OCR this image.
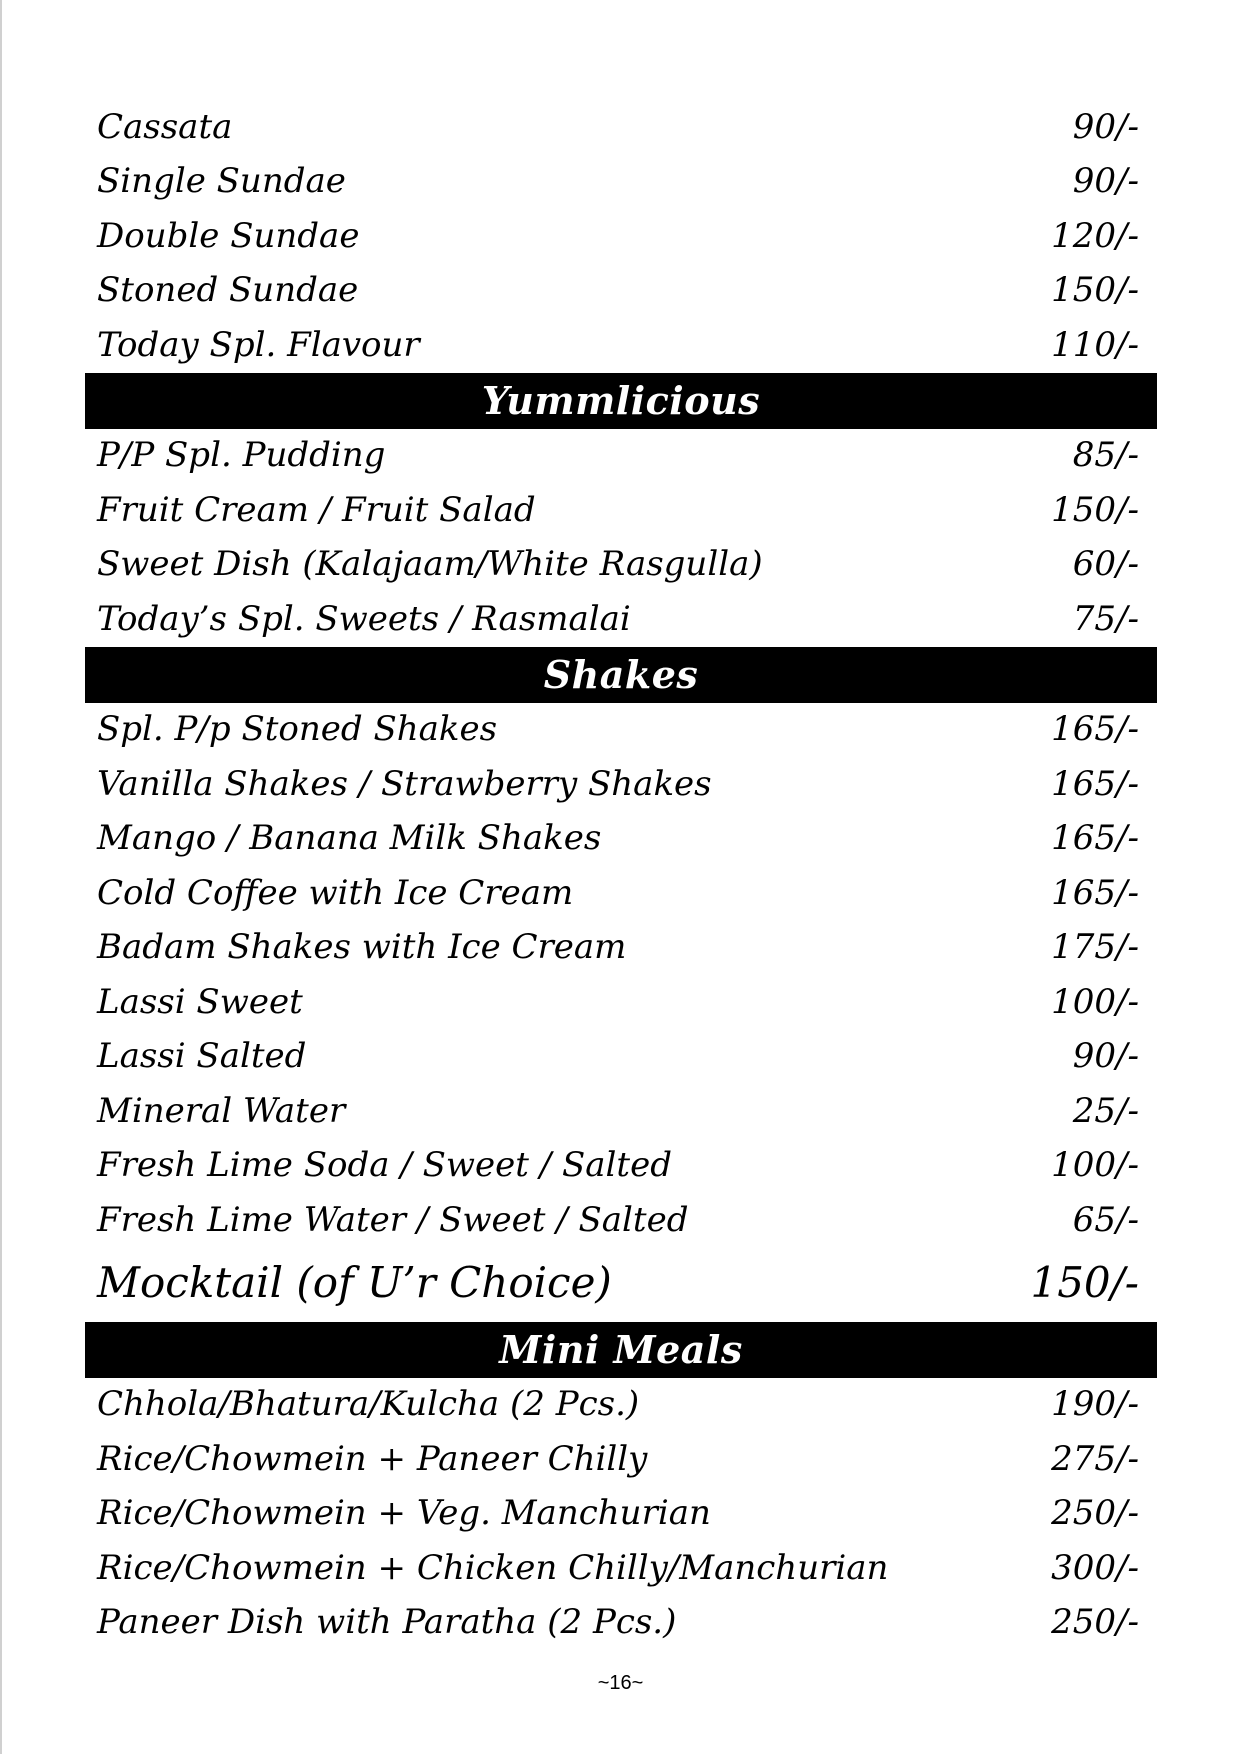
Cassata	90/-
Single Sundae	90/-
Double Sundae	120/-
Stoned Sundae	150/-
Today Spl. Flavour	110/-
Yummlicious
P/P Spl. Pudding	85/-
Fruit Cream / Fruit Salad	150/-
Sweet Dish (Kalajaam/White Rasgulla)	60/-
Today’s Spl. Sweets / Rasmalai	75/-
Shakes
Spl. P/p Stoned Shakes	165/-
Vanilla Shakes / Strawberry Shakes	165/-
Mango / Banana Milk Shakes	165/-
Cold Coffee with Ice Cream	165/-
Badam Shakes with Ice Cream	175/-
Lassi Sweet	100/-
Lassi Salted	90/-
Mineral Water	25/-
Fresh Lime Soda / Sweet / Salted	100/-
Fresh Lime Water / Sweet / Salted	65/-
Mocktail (of U’r Choice)	150/-
Mini Meals
Chhola/Bhatura/Kulcha (2 Pcs.)	190/-
Rice/Chowmein + Paneer Chilly	275/-
Rice/Chowmein + Veg. Manchurian	250/-
Rice/Chowmein + Chicken Chilly/Manchurian	300/-
Paneer Dish with Paratha (2 Pcs.)	250/-
~16~
